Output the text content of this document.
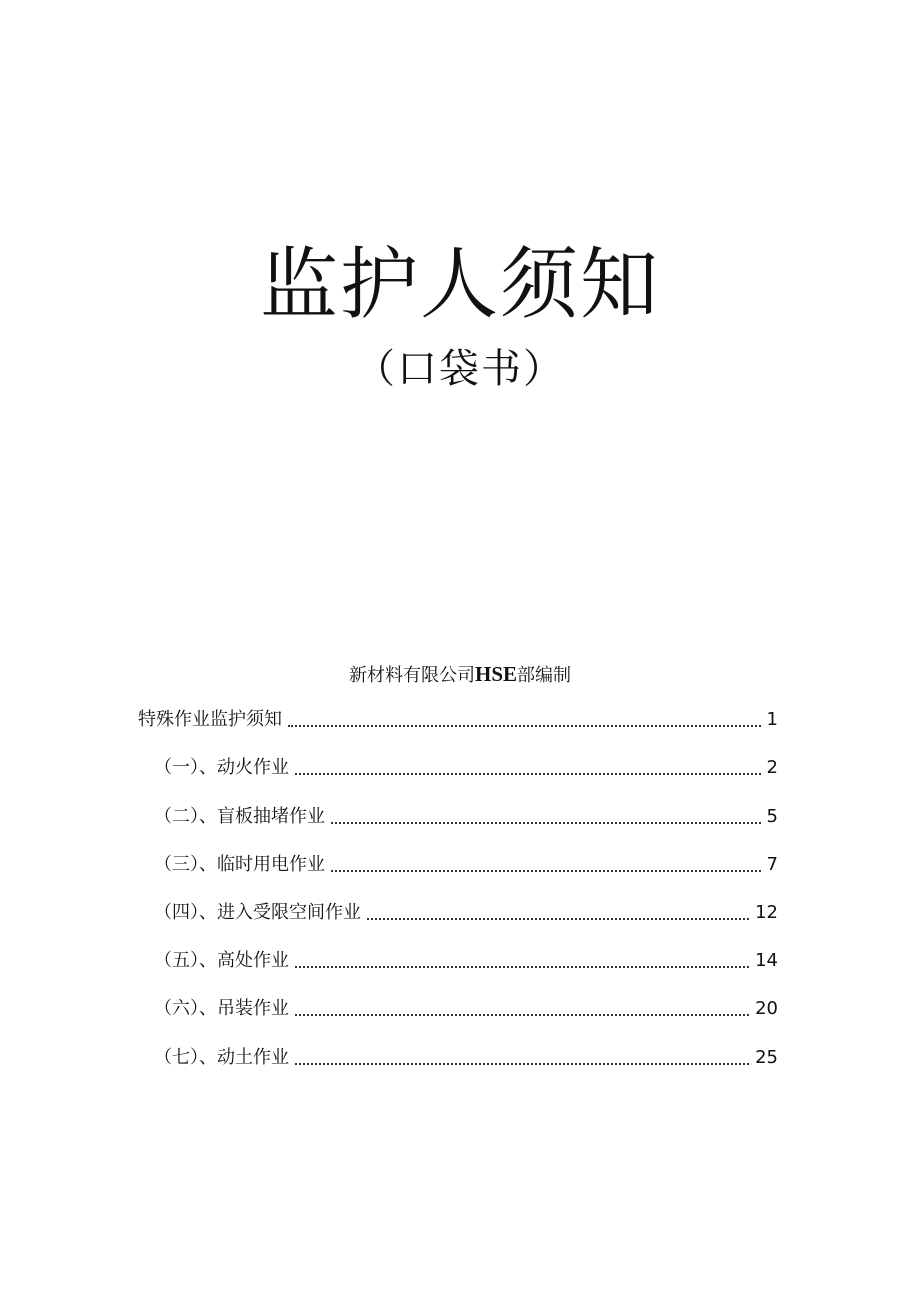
监护人须知
（口袋书）
新材料有限公司HSE部编制
特殊作业监护须知	1
（一）、动火作业	2
（二）、盲板抽堵作业	5
（三）、临时用电作业	7
（四）、进入受限空间作业	12
（五）、高处作业	14
（六）、吊装作业	20
（七）、动土作业	25
